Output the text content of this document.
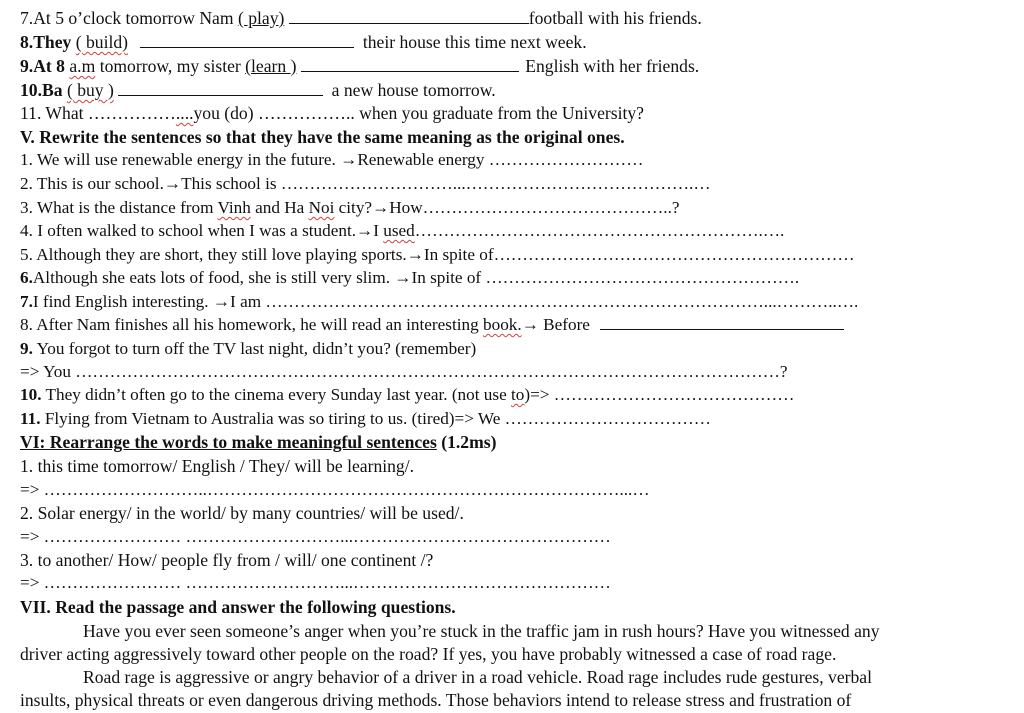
7.At 5 o’clock tomorrow Nam ( play)	football with his friends.
8.They ( build)	their house this time next week.
9.At 8 a.m tomorrow, my sister (learn )	English with her friends.
10.Ba ( buy )	a new house tomorrow.
11. What ……………....you (do) …………….. when you graduate from the University?
V. Rewrite the sentences so that they have the same meaning as the original ones.
1. We will use renewable energy in the future. →Renewable energy ………………………
2. This is our school.→This school is …………………………...………………………………….…
3. What is the distance from Vinh and Ha Noi city?→How……………………………………..?
4. I often walked to school when I was a student.→I used…………………………………………………….….
5. Although they are short, they still love playing sports.→In spite of………………………………………………………
6.Although she eats lots of food, she is still very slim. →In spite of ……………………………………………….
7.I find English interesting. →I am ……………………………………………………………………………...………..….
8. After Nam finishes all his homework, he will read an interesting book.→ Before
9. You forgot to turn off the TV last night, didn’t you? (remember)
=> You ……………………………………………………………………………………………………………?
10. They didn’t often go to the cinema every Sunday last year. (not use to)=> ……………………………………
11. Flying from Vietnam to Australia was so tiring to us. (tired)=> We ………………………………
VI: Rearrange the words to make meaningful sentences (1.2ms)
1. this time tomorrow/ English / They/ will be learning/.
=> ………………………..………………………………………………………………...…
2. Solar energy/ in the world/ by many countries/ will be used/.
=> …………………… ………………………...………………………………………
3. to another/ How/ people fly from / will/ one continent /?
=> …………………… ………………………...………………………………………
VII. Read the passage and answer the following questions.
Have you ever seen someone’s anger when you’re stuck in the traffic jam in rush hours? Have you witnessed any
driver acting aggressively toward other people on the road? If yes, you have probably witnessed a case of road rage.
Road rage is aggressive or angry behavior of a driver in a road vehicle. Road rage includes rude gestures, verbal
insults, physical threats or even dangerous driving methods. Those behaviors intend to release stress and frustration of
